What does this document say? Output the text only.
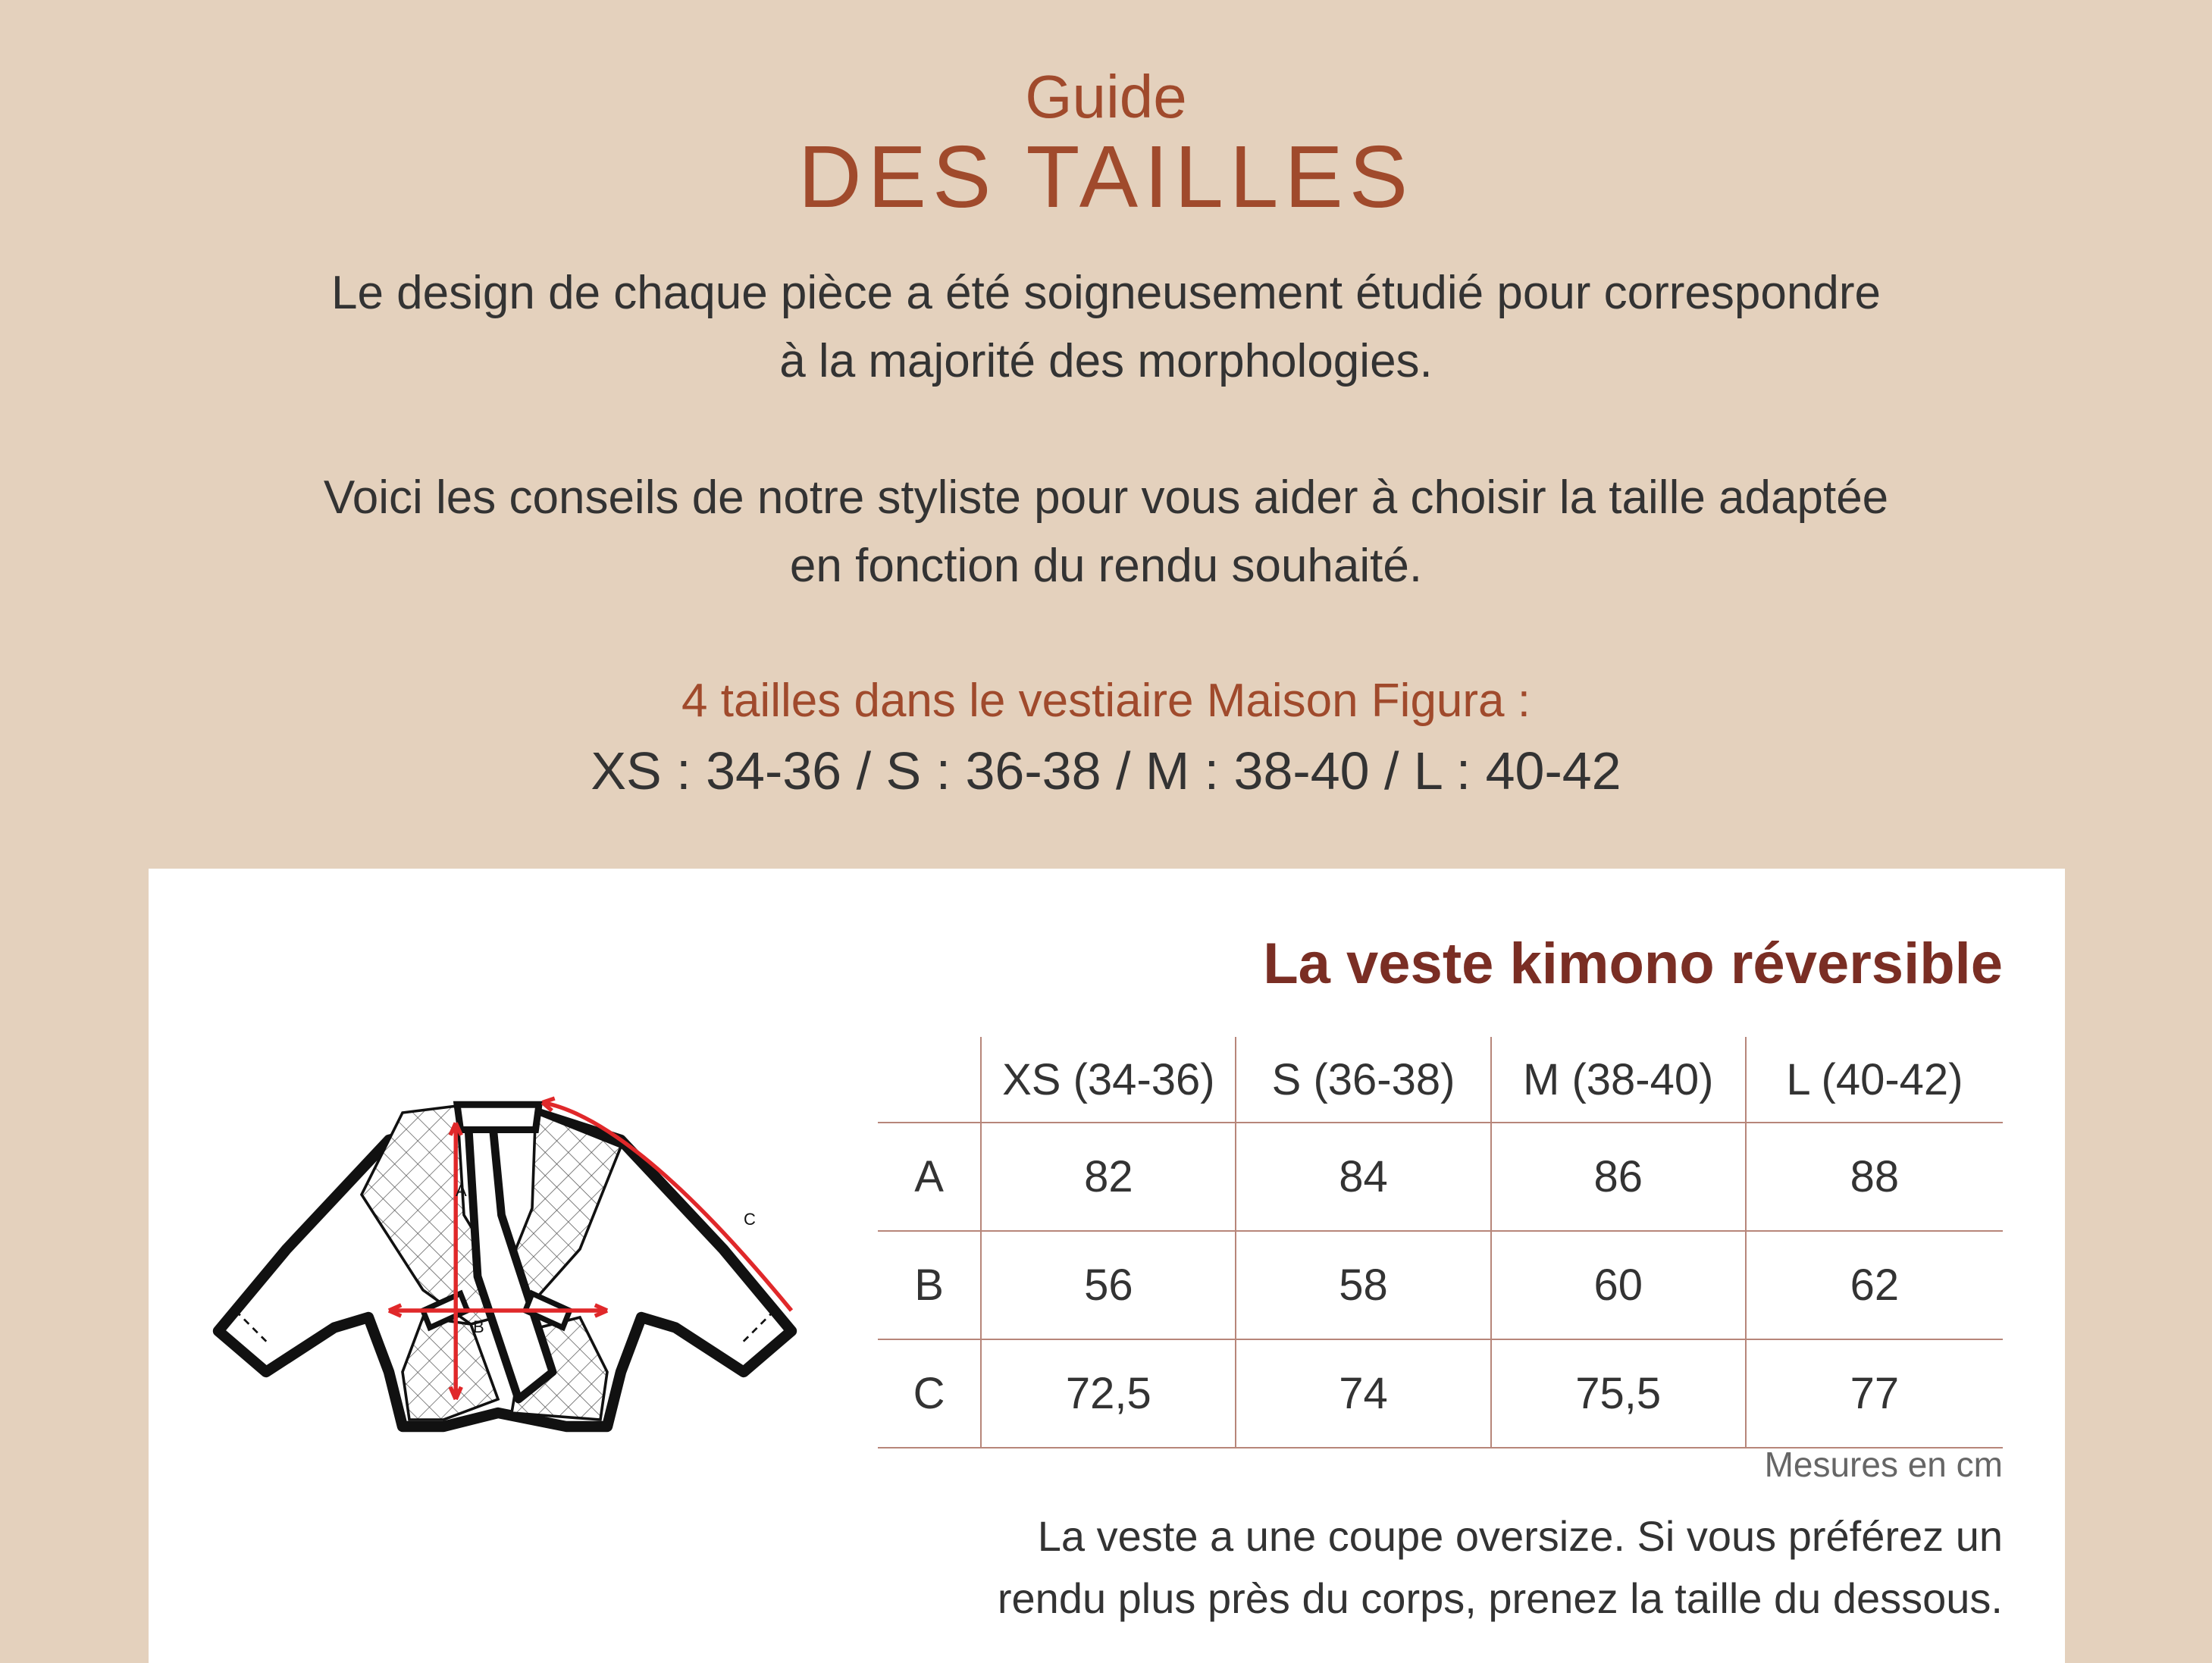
Guide
DES TAILLES
Le design de chaque pièce a été soigneusement étudié pour correspondre
à la majorité des morphologies.
Voici les conseils de notre styliste pour vous aider à choisir la taille adaptée
en fonction du rendu souhaité.
4 tailles dans le vestiaire Maison Figura :
XS : 34-36 / S : 36-38 / M : 38-40 / L : 40-42
La veste kimono réversible
A
B
C
	XS (34-36)	S (36-38)	M (38-40)	L (40-42)
A	82	84	86	88
B	56	58	60	62
C	72,5	74	75,5	77
Mesures en cm
La veste a une coupe oversize. Si vous préférez un
rendu plus près du corps, prenez la taille du dessous.
